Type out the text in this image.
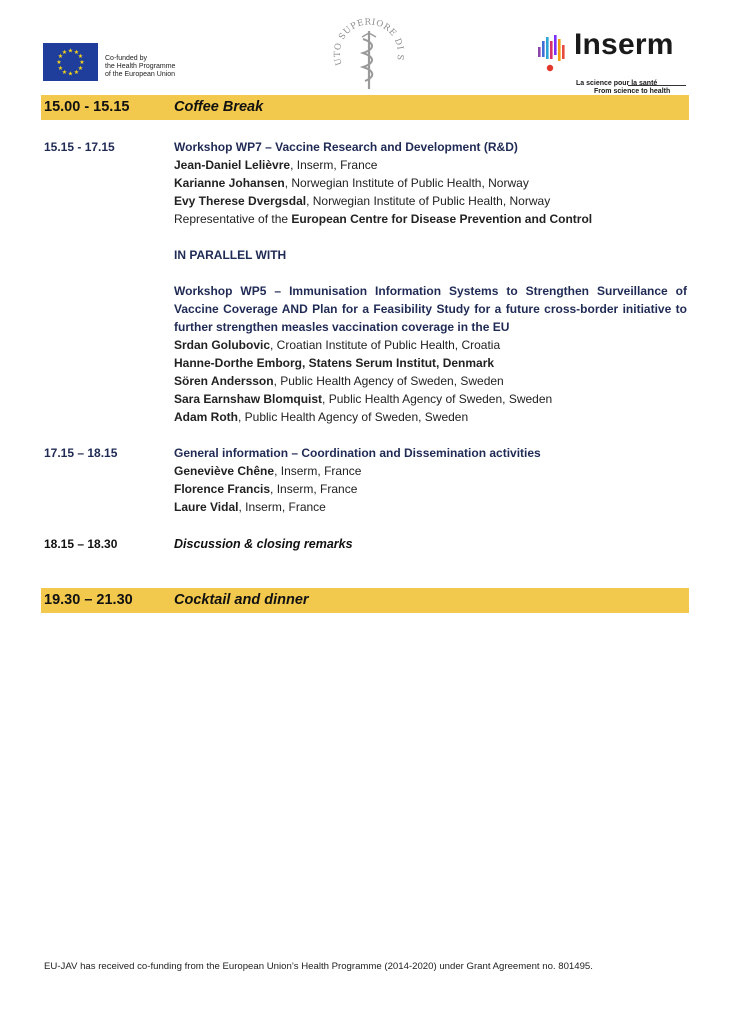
★ ★
★
★
★
★
★
★
★
★
★
★
Co-funded by
the Health Programme
of the European Union
UTO SUPERIORE DI S	Inserm
La science pour la santé
From science to health
15.00 - 15.15	Coffee Break
15.15 - 17.15	Workshop WP7 – Vaccine Research and Development (R&D)
Jean-Daniel Lelièvre, Inserm, France
Karianne Johansen, Norwegian Institute of Public Health, Norway
Evy Therese Dvergsdal, Norwegian Institute of Public Health, Norway
Representative of the European Centre for Disease Prevention and Control
IN PARALLEL WITH
Workshop WP5 – Immunisation Information Systems to Strengthen Surveillance of Vaccine Coverage AND Plan for a Feasibility Study for a future cross-border initiative to further strengthen measles vaccination coverage in the EU
Srdan Golubovic, Croatian Institute of Public Health, Croatia
Hanne-Dorthe Emborg, Statens Serum Institut, Denmark
Sören Andersson, Public Health Agency of Sweden, Sweden
Sara Earnshaw Blomquist, Public Health Agency of Sweden, Sweden
Adam Roth, Public Health Agency of Sweden, Sweden
17.15 – 18.15	General information – Coordination and Dissemination activities
Geneviève Chêne, Inserm, France
Florence Francis, Inserm, France
Laure Vidal, Inserm, France
18.15 – 18.30	Discussion & closing remarks
19.30 – 21.30	Cocktail and dinner
EU-JAV has received co-funding from the European Union’s Health Programme (2014-2020) under Grant Agreement no. 801495.
